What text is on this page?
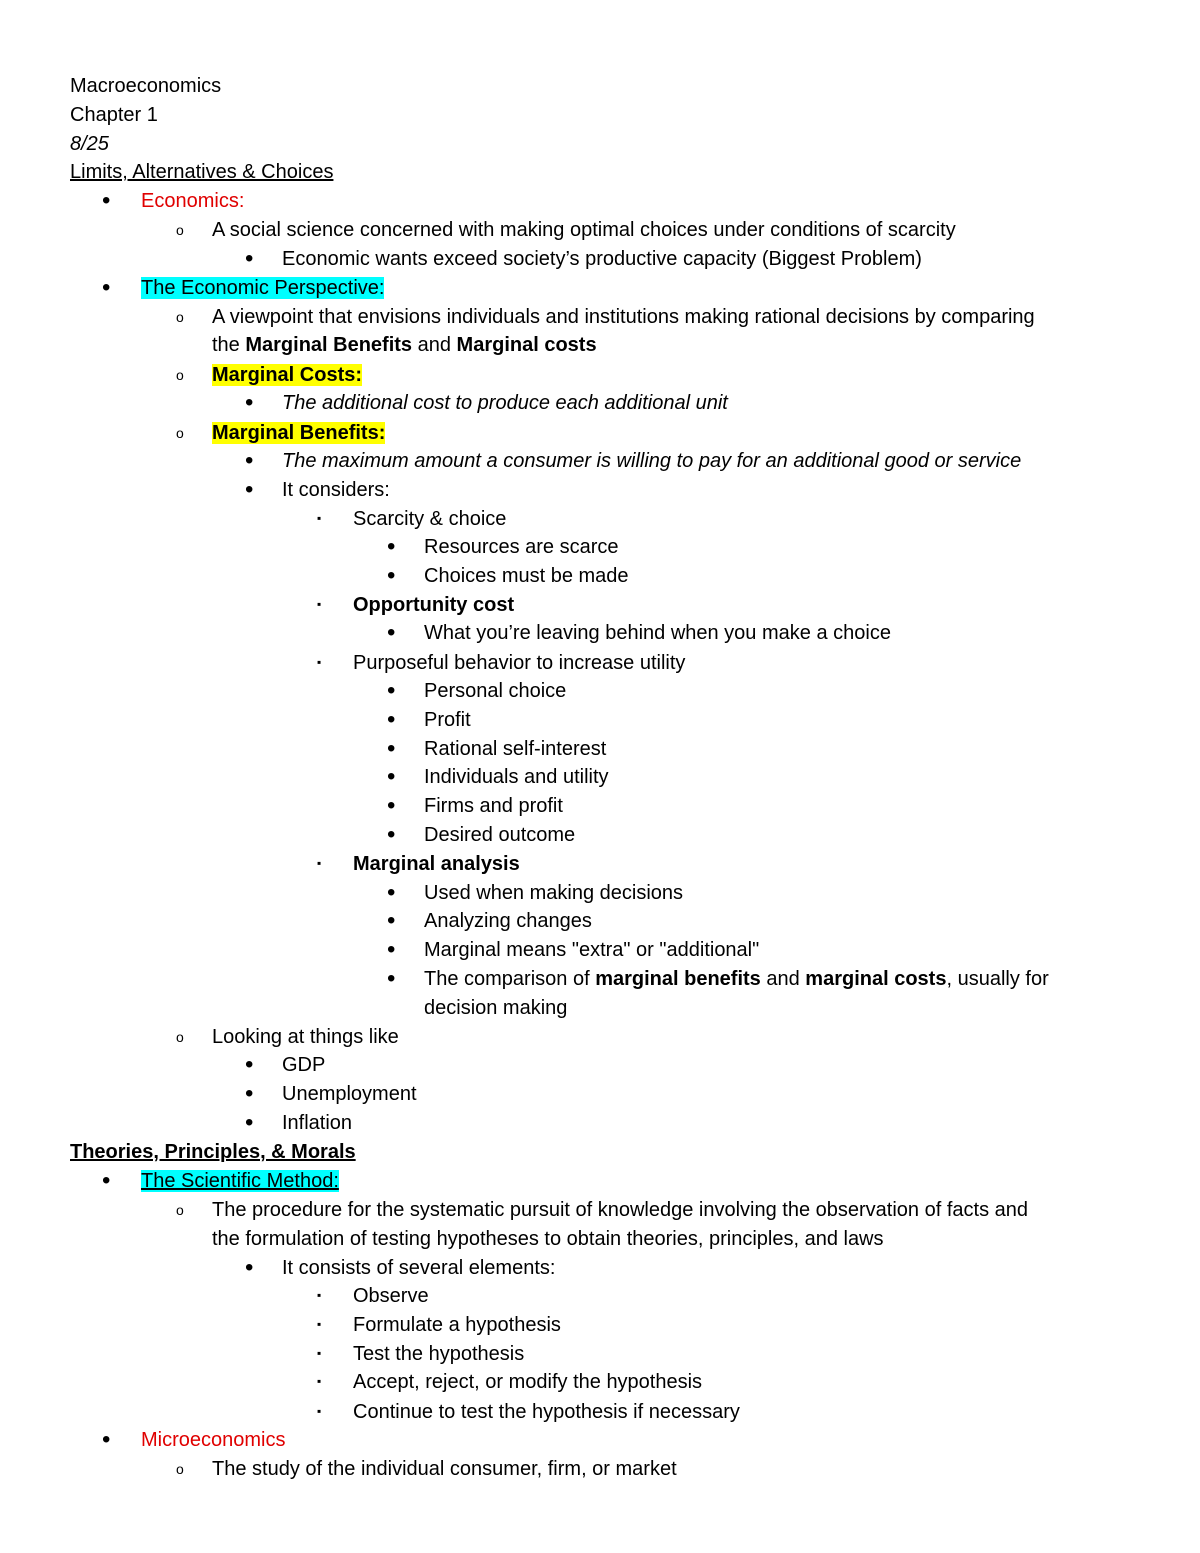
Macroeconomics
Chapter 1
8/25
Limits, Alternatives & Choices
• Economics:
o A social science concerned with making optimal choices under conditions of scarcity
• Economic wants exceed society’s productive capacity (Biggest Problem)
• The Economic Perspective:
o A viewpoint that envisions individuals and institutions making rational decisions by comparing
the Marginal Benefits and Marginal costs
o Marginal Costs:
• The additional cost to produce each additional unit
o Marginal Benefits:
• The maximum amount a consumer is willing to pay for an additional good or service
• It considers:
▪ Scarcity & choice
• Resources are scarce
• Choices must be made
▪ Opportunity cost
• What you’re leaving behind when you make a choice
▪ Purposeful behavior to increase utility
• Personal choice
• Profit
• Rational self-interest
• Individuals and utility
• Firms and profit
• Desired outcome
▪ Marginal analysis
• Used when making decisions
• Analyzing changes
• Marginal means "extra" or "additional"
• The comparison of marginal benefits and marginal costs, usually for
decision making
o Looking at things like
• GDP
• Unemployment
• Inflation
Theories, Principles, & Morals
• The Scientific Method:
o The procedure for the systematic pursuit of knowledge involving the observation of facts and
the formulation of testing hypotheses to obtain theories, principles, and laws
• It consists of several elements:
▪ Observe
▪ Formulate a hypothesis
▪ Test the hypothesis
▪ Accept, reject, or modify the hypothesis
▪ Continue to test the hypothesis if necessary
• Microeconomics
o The study of the individual consumer, firm, or market
